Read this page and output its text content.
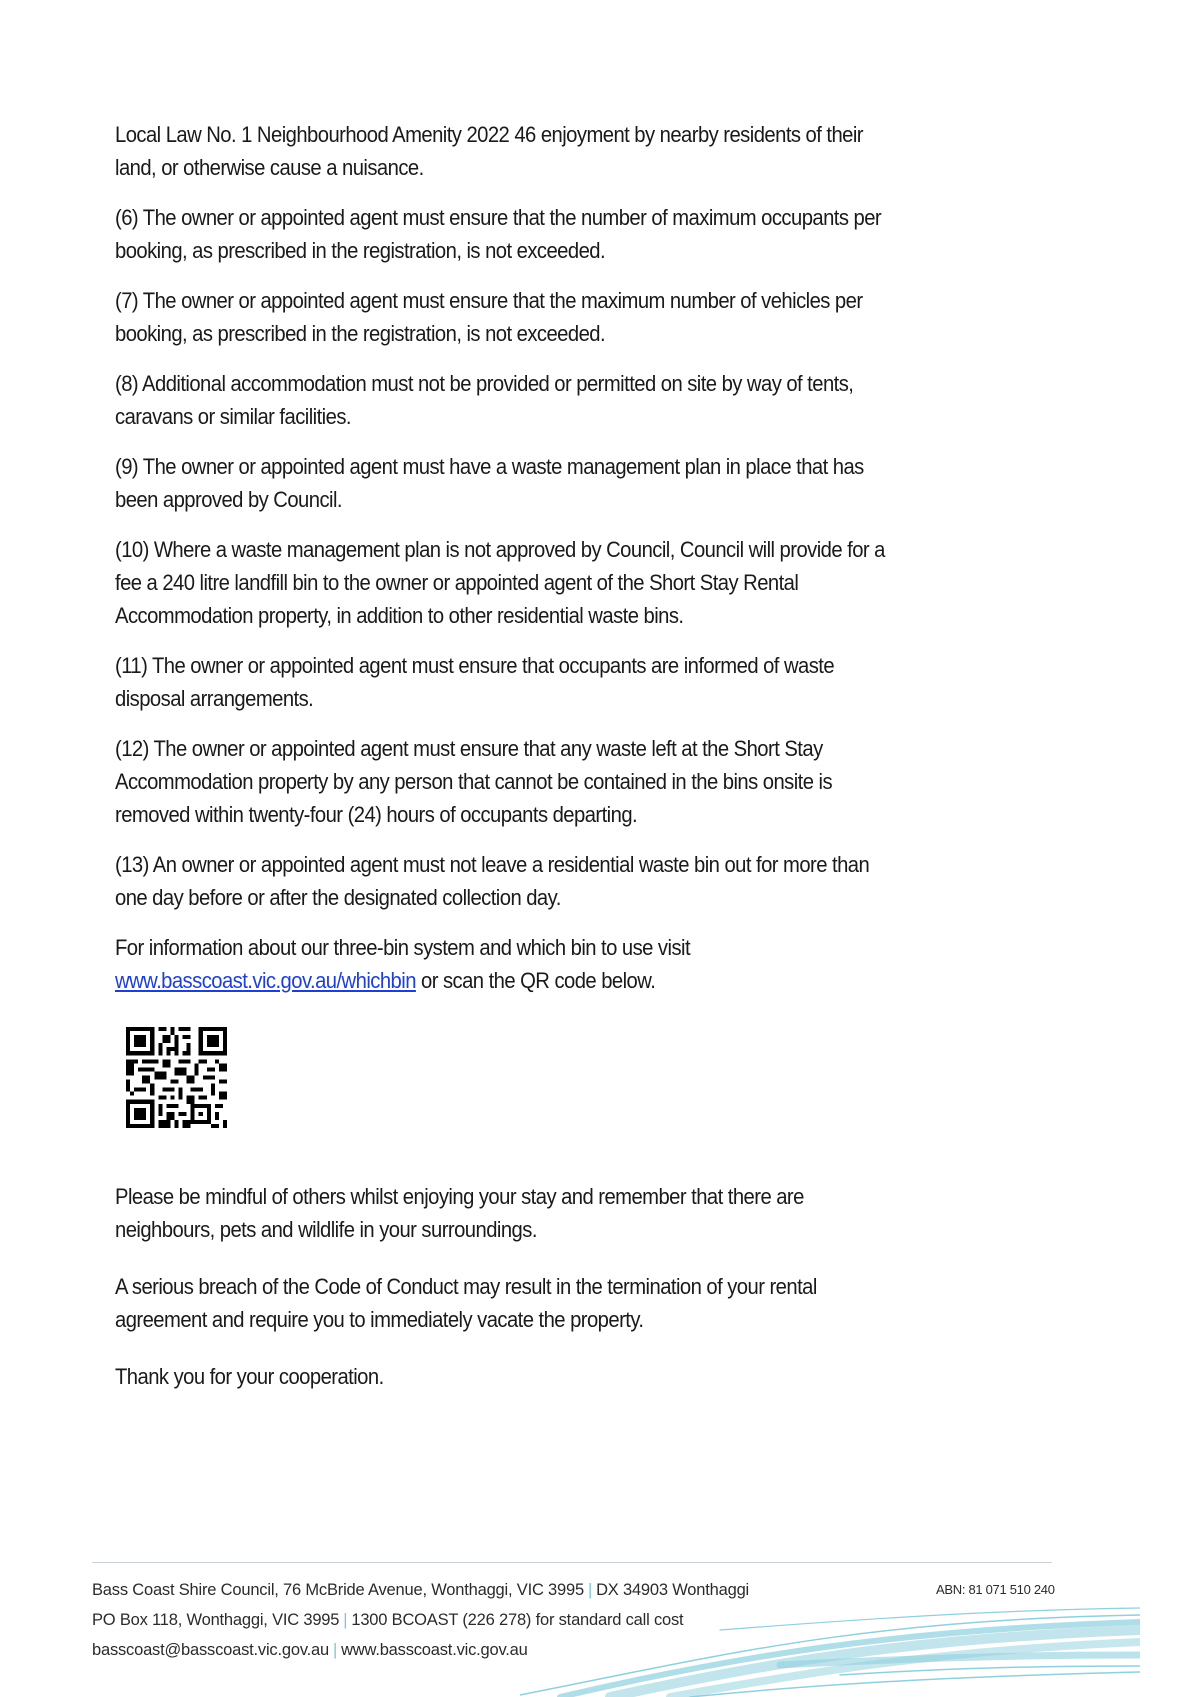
Local Law No. 1 Neighbourhood Amenity 2022 46 enjoyment by nearby residents of their
land, or otherwise cause a nuisance.

(6) The owner or appointed agent must ensure that the number of maximum occupants per
booking, as prescribed in the registration, is not exceeded.

(7) The owner or appointed agent must ensure that the maximum number of vehicles per
booking, as prescribed in the registration, is not exceeded.

(8) Additional accommodation must not be provided or permitted on site by way of tents,
caravans or similar facilities.

(9) The owner or appointed agent must have a waste management plan in place that has
been approved by Council.

(10) Where a waste management plan is not approved by Council, Council will provide for a
fee a 240 litre landfill bin to the owner or appointed agent of the Short Stay Rental
Accommodation property, in addition to other residential waste bins.

(11) The owner or appointed agent must ensure that occupants are informed of waste
disposal arrangements.

(12) The owner or appointed agent must ensure that any waste left at the Short Stay
Accommodation property by any person that cannot be contained in the bins onsite is
removed within twenty-four (24) hours of occupants departing.

(13) An owner or appointed agent must not leave a residential waste bin out for more than
one day before or after the designated collection day.

For information about our three-bin system and which bin to use visit
www.basscoast.vic.gov.au/whichbin or scan the QR code below.

Please be mindful of others whilst enjoying your stay and remember that there are
neighbours, pets and wildlife in your surroundings.

A serious breach of the Code of Conduct may result in the termination of your rental
agreement and require you to immediately vacate the property.

Thank you for your cooperation.

Bass Coast Shire Council, 76 McBride Avenue, Wonthaggi, VIC 3995 | DX 34903 Wonthaggi
PO Box 118, Wonthaggi, VIC 3995 | 1300 BCOAST (226 278) for standard call cost
basscoast@basscoast.vic.gov.au | www.basscoast.vic.gov.au
ABN: 81 071 510 240
